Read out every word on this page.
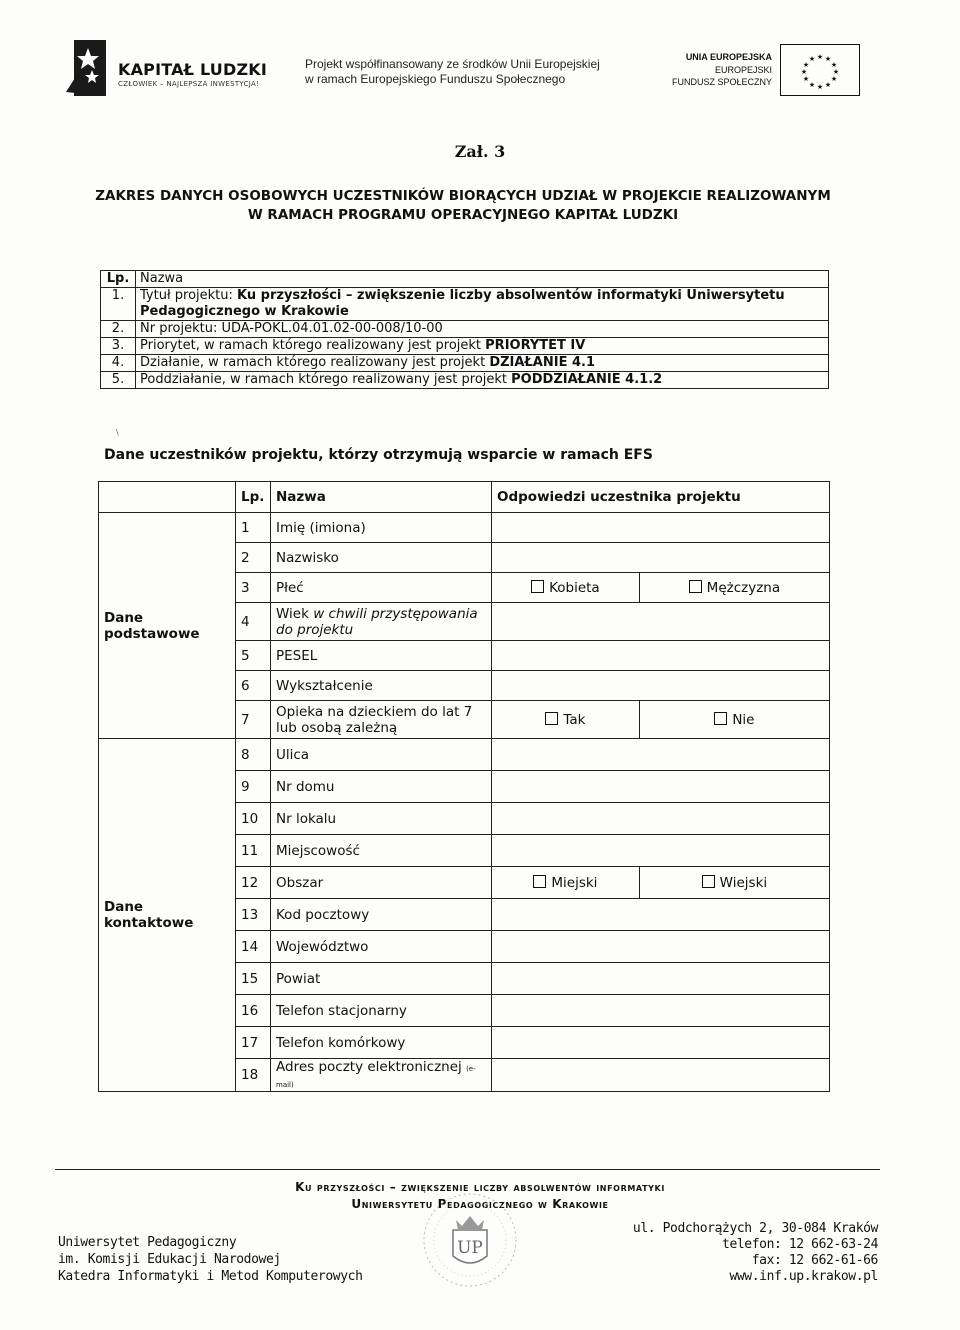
KAPITAŁ LUDZKI
CZŁOWIEK – NAJLEPSZA INWESTYCJA!
Projekt współfinansowany ze środków Unii Europejskiej
w ramach Europejskiego Funduszu Społecznego
UNIA EUROPEJSKA
EUROPEJSKI
FUNDUSZ SPOŁECZNY
★ ★
★
★
★
★
★
★
★
★
★
★
Zał. 3
ZAKRES DANYCH OSOBOWYCH UCZESTNIKÓW BIORĄCYCH UDZIAŁ W PROJEKCIE REALIZOWANYM
W RAMACH PROGRAMU OPERACYJNEGO KAPITAŁ LUDZKI
Lp.	Nazwa
1.	Tytuł projektu: Ku przyszłości – zwiększenie liczby absolwentów informatyki Uniwersytetu Pedagogicznego w Krakowie
2.	Nr projektu: UDA-POKL.04.01.02-00-008/10-00
3.	Priorytet, w ramach którego realizowany jest projekt PRIORYTET IV
4.	Działanie, w ramach którego realizowany jest projekt DZIAŁANIE 4.1
5.	Poddziałanie, w ramach którego realizowany jest projekt PODDZIAŁANIE 4.1.2
\
Dane uczestników projektu, którzy otrzymują wsparcie w ramach EFS
	Lp.	Nazwa	Odpowiedzi uczestnika projektu	
Dane podstawowe	1	Imię (imiona)		
	2	Nazwisko		
	3	Płeć	Kobieta	Mężczyzna
	4	Wiek w chwili przystępowania do projektu		
	5	PESEL		
	6	Wykształcenie		
	7	Opieka na dzieckiem do lat 7 lub osobą zależną	Tak	Nie
Dane kontaktowe	8	Ulica		
	9	Nr domu		
	10	Nr lokalu		
	11	Miejscowość		
	12	Obszar	Miejski	Wiejski
	13	Kod pocztowy		
	14	Województwo		
	15	Powiat		
	16	Telefon stacjonarny		
	17	Telefon komórkowy		
	18	Adres poczty elektronicznej (e-mail)		
Ku przyszłości – zwiększenie liczby absolwentów informatyki
Uniwersytetu Pedagogicznego w Krakowie
Uniwersytet Pedagogiczny
im. Komisji Edukacji Narodowej
Katedra Informatyki i Metod Komputerowych
UP
ul. Podchorążych 2, 30-084 Kraków
telefon: 12 662-63-24
fax: 12 662-61-66
www.inf.up.krakow.pl
